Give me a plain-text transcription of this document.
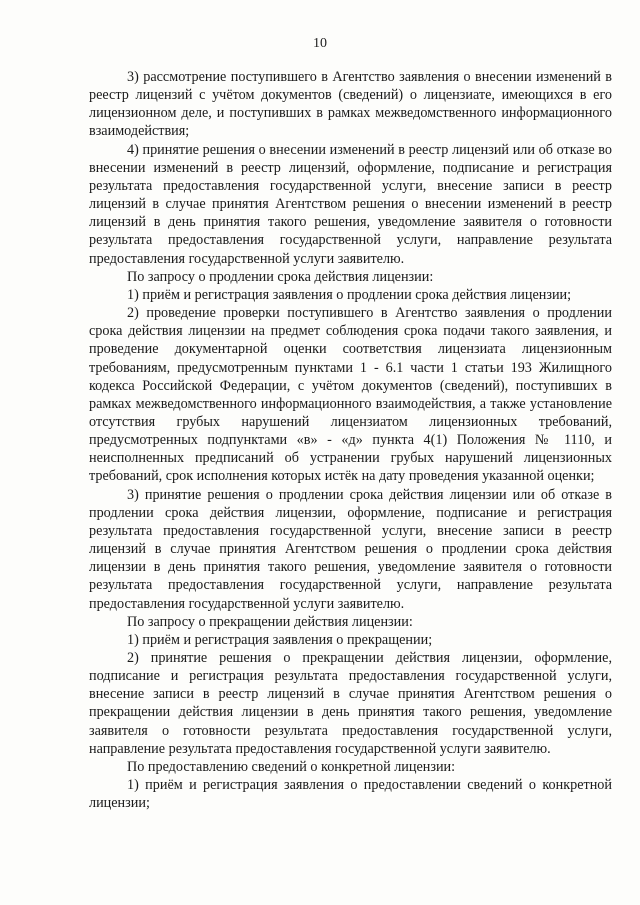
10

3) рассмотрение поступившего в Агентство заявления о внесении изменений в реестр лицензий с учётом документов (сведений) о лицензиате, имеющихся в его лицензионном деле, и поступивших в рамках межведомственного информационного взаимодействия;

4) принятие решения о внесении изменений в реестр лицензий или об отказе во внесении изменений в реестр лицензий, оформление, подписание и регистрация результата предоставления государственной услуги, внесение записи в реестр лицензий в случае принятия Агентством решения о внесении изменений в реестр лицензий в день принятия такого решения, уведомление заявителя о готовности результата предоставления государственной услуги, направление результата предоставления государственной услуги заявителю.

По запросу о продлении срока действия лицензии:

1) приём и регистрация заявления о продлении срока действия лицензии;

2) проведение проверки поступившего в Агентство заявления о продлении срока действия лицензии на предмет соблюдения срока подачи такого заявления, и проведение документарной оценки соответствия лицензиата лицензионным требованиям, предусмотренным пунктами 1 - 6.1 части 1 статьи 193 Жилищного кодекса Российской Федерации, с учётом документов (сведений), поступивших в рамках межведомственного информационного взаимодействия, а также установление отсутствия грубых нарушений лицензиатом лицензионных требований, предусмотренных подпунктами «в» - «д» пункта 4(1) Положения № 1110, и неисполненных предписаний об устранении грубых нарушений лицензионных требований, срок исполнения которых истёк на дату проведения указанной оценки;

3) принятие решения о продлении срока действия лицензии или об отказе в продлении срока действия лицензии, оформление, подписание и регистрация результата предоставления государственной услуги, внесение записи в реестр лицензий в случае принятия Агентством решения о продлении срока действия лицензии в день принятия такого решения, уведомление заявителя о готовности результата предоставления государственной услуги, направление результата предоставления государственной услуги заявителю.

По запросу о прекращении действия лицензии:

1) приём и регистрация заявления о прекращении;

2) принятие решения о прекращении действия лицензии, оформление, подписание и регистрация результата предоставления государственной услуги, внесение записи в реестр лицензий в случае принятия Агентством решения о прекращении действия лицензии в день принятия такого решения, уведомление заявителя о готовности результата предоставления государственной услуги, направление результата предоставления государственной услуги заявителю.

По предоставлению сведений о конкретной лицензии:

1) приём и регистрация заявления о предоставлении сведений о конкретной лицензии;
